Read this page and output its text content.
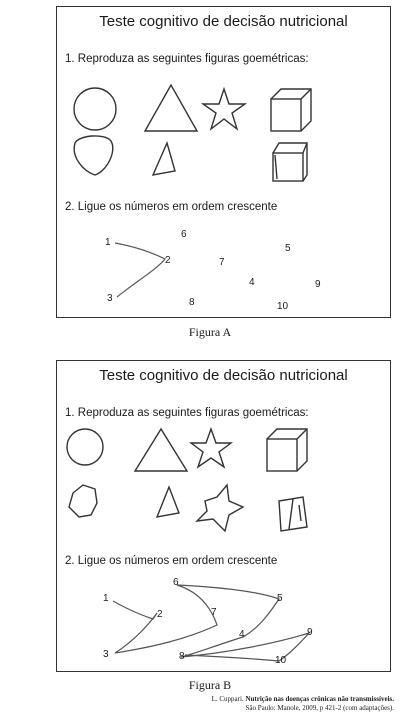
Teste cognitivo de decisão nutricional
1. Reproduza as seguintes figuras goemétricas:
2. Ligue os números em ordem crescente
1
2
3
4
5
6
7
8
9
10
Figura A
Teste cognitivo de decisão nutricional
1. Reproduza as seguintes figuras goemétricas:
2. Ligue os números em ordem crescente
1
2
3
4
5
6
7
8
9
10
Figura B
L. Cuppari. Nutrição nas doenças crônicas não transmissíveis.
São Paulo: Manole, 2009, p 421-2 (com adaptações).
